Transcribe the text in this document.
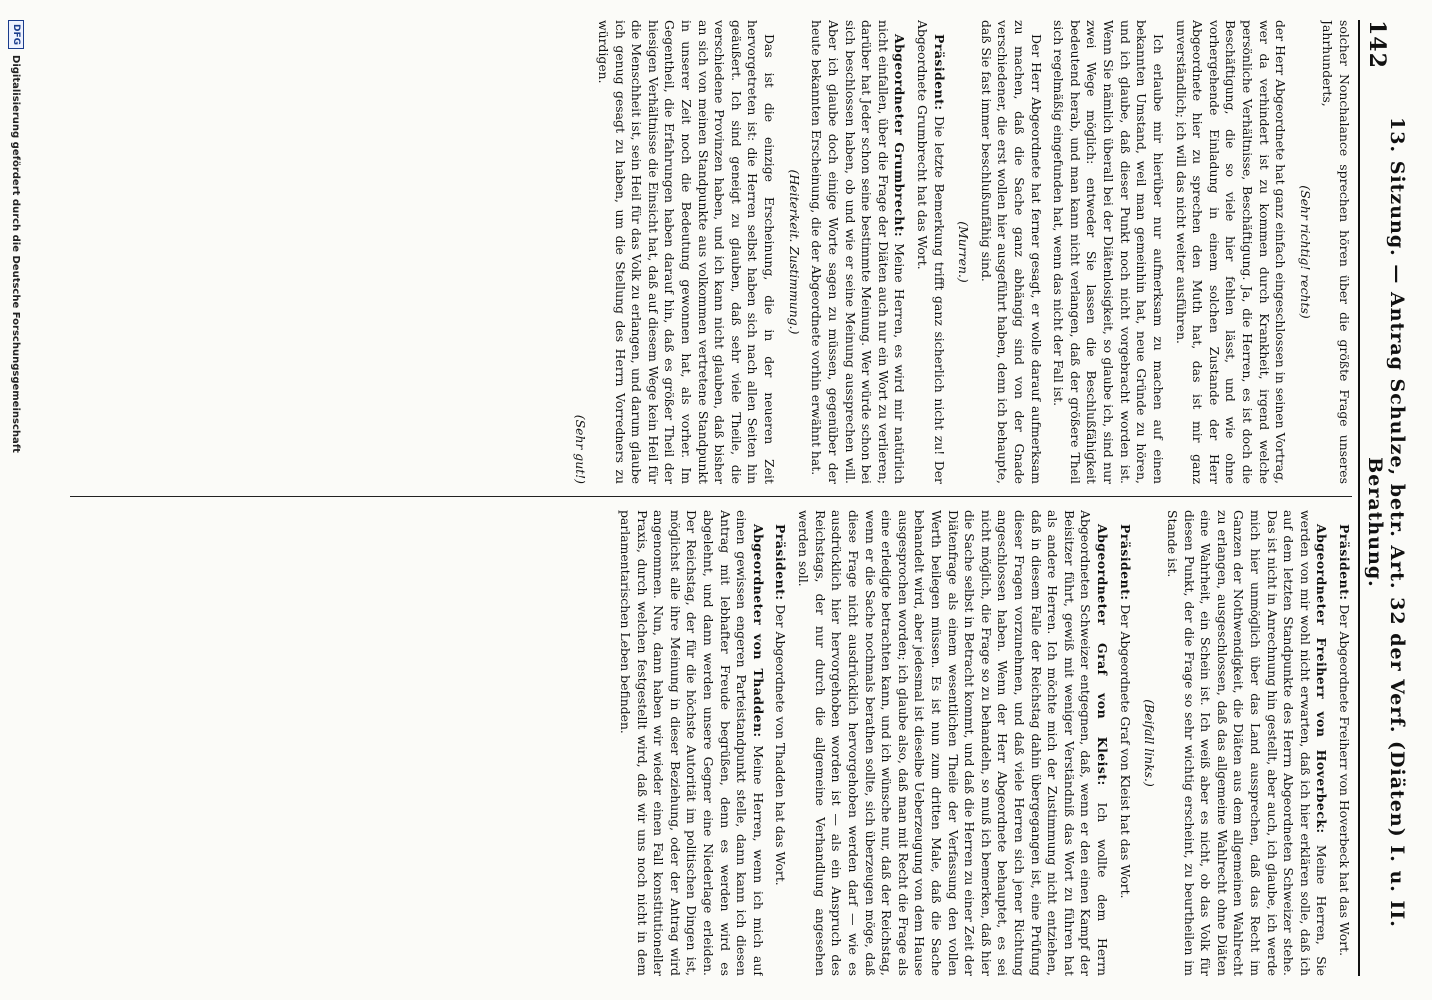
142
13. Sitzung. — Antrag Schulze, betr. Art. 32 der Verf. (Diäten) I. u. II. Berathung.

solcher Nonchalance sprechen hören über die größte Frage unseres Jahrhunderts,

(Sehr richtig! rechts)

der Herr Abgeordnete hat ganz einfach eingeschlossen in seinen Vortrag, wer da verhindert ist zu kommen durch Krankheit, irgend welche persönliche Verhältnisse, Beschäftigung. Ja, die Herren, es ist doch die Beschäftigung, die so viele hier fehlen lässt, und wie ohne vorhergehende Einladung in einem solchen Zustande der Herr Abgeordnete hier zu sprechen den Muth hat, das ist mir ganz unverständlich; ich will das nicht weiter ausführen.

Ich erlaube mir hierüber nur aufmerksam zu machen auf einen bekannten Umstand, weil man gemeinhin hat, neue Gründe zu hören, und ich glaube, daß dieser Punkt noch nicht vorgebracht worden ist. Wenn Sie nämlich überall bei der Diätenlosigkeit, so glaube ich, sind nur zwei Wege möglich: entweder Sie lassen die Beschlußfähigkeit bedeutend herab, und man kann nicht verlangen, daß der größere Theil sich regelmäßig eingefunden hat, wenn das nicht der Fall ist.

Der Herr Abgeordnete hat ferner gesagt, er wolle darauf aufmerksam zu machen, daß die Sache ganz abhängig sind von der Gnade verschiedener, die erst wollen hier ausgeführt haben, denn ich behaupte, daß Sie fast immer beschlußunfähig sind.

(Murren.)

Präsident: Die letzte Bemerkung trifft ganz sicherlich nicht zu! Der Abgeordnete Grumbrecht hat das Wort.

Abgeordneter Grumbrecht: Meine Herren, es wird mir natürlich nicht einfallen, über die Frage der Diäten auch nur ein Wort zu verlieren; darüber hat Jeder schon seine bestimmte Meinung. Wer würde schon bei sich beschlossen haben, ob und wie er seine Meinung aussprechen will. Aber ich glaube doch einige Worte sagen zu müssen, gegenüber der heute bekannten Erscheinung, die der Abgeordnete vorhin erwähnt hat.

(Heiterkeit. Zustimmung.)

Das ist die einzige Erscheinung, die in der neueren Zeit hervorgetreten ist: die Herren selbst haben sich nach allen Seiten hin geäußert. Ich sind geneigt zu glauben, daß sehr viele Theile, die verschiedene Provinzen haben, und ich kann nicht glauben, daß bisher an sich von meinen Standpunkte aus volkommen vertretene Standpunkt in unserer Zeit noch die Bedeutung gewonnen hat, als vorher. Im Gegentheil, die Erfahrungen haben darauf hin, daß es größer Theil der hiesigen Verhältnisse die Einsicht hat, daß auf diesem Wege kein Heil für die Menschheit ist, sein Heil für das Volk zu erlangen, und darum glaube ich genug gesagt zu haben, um die Stellung des Herrn Vorredners zu würdigen.

(Sehr gut!)

Präsident: Der Abgeordnete Freiherr von Hoverbeck hat das Wort.

Abgeordneter Freiherr von Hoverbeck: Meine Herren, Sie werden von mir wohl nicht erwarten, daß ich hier erklären solle, daß ich auf dem letzten Standpunkte des Herrn Abgeordneten Schweizer stehe. Das ist nicht in Anrechnung hin gestellt, aber auch, ich glaube, ich werde mich hier unmöglich über das Land aussprechen, daß das Recht im Ganzen der Nothwendigkeit, die Diäten aus dem allgemeinen Wahlrecht zu erlangen, ausgeschlossen, daß das allgemeine Wahlrecht ohne Diäten eine Wahrheit, ein Schein ist. Ich weiß aber es nicht, ob das Volk für diesen Punkt, der die Frage so sehr wichtig erscheint, zu beurtheilen im Stande ist.

(Beifall links.)

Präsident: Der Abgeordnete Graf von Kleist hat das Wort.

Abgeordneter Graf von Kleist: Ich wollte dem Herrn Abgeordneten Schweizer entgegnen, daß, wenn er den einen Kampf der Beisitzer führt, gewiß mit weniger Verständniß das Wort zu führen hat als andere Herren. Ich möchte mich der Zustimmung nicht entziehen, daß in diesem Falle der Reichstag dahin übergegangen ist, eine Prüfung dieser Fragen vorzunehmen, und daß viele Herren sich jener Richtung angeschlossen haben. Wenn der Herr Abgeordnete behauptet, es sei nicht möglich, die Frage so zu behandeln, so muß ich bemerken, daß hier die Sache selbst in Betracht kommt, und daß die Herren zu einer Zeit der Diätenfrage als einem wesentlichen Theile der Verfassung den vollen Werth beilegen müssen. Es ist nun zum dritten Male, daß die Sache behandelt wird, aber jedesmal ist dieselbe Ueberzeugung von dem Hause ausgesprochen worden; ich glaube also, daß man mit Recht die Frage als eine erledigte betrachten kann, und ich wünsche nur, daß der Reichstag, wenn er die Sache nochmals berathen sollte, sich überzeugen möge, daß diese Frage nicht ausdrücklich hervorgehoben werden darf — wie es ausdrücklich hier hervorgehoben worden ist — als ein Anspruch des Reichstags, der nur durch die allgemeine Verhandlung angesehen werden soll.

Präsident: Der Abgeordnete von Thadden hat das Wort.

Abgeordneter von Thadden: Meine Herren, wenn ich mich auf einen gewissen engeren Parteistandpunkt stelle, dann kann ich diesen Antrag mit lebhafter Freude begrüßen, denn es werden wird es abgelehnt, und dann werden unsere Gegner eine Niederlage erleiden. Der Reichstag, der für die höchste Autorität im politischen Dingen ist, möglichst alle ihre Meinung in dieser Beziehung, oder der Antrag wird angenommen. Nun, dann haben wir wieder einen Fall konstitutioneller Praxis, durch welchen festgestellt wird, daß wir uns noch nicht in dem parlamentarischen Leben befinden.

DFG
Digitalisierung gefördert durch die Deutsche Forschungsgemeinschaft
